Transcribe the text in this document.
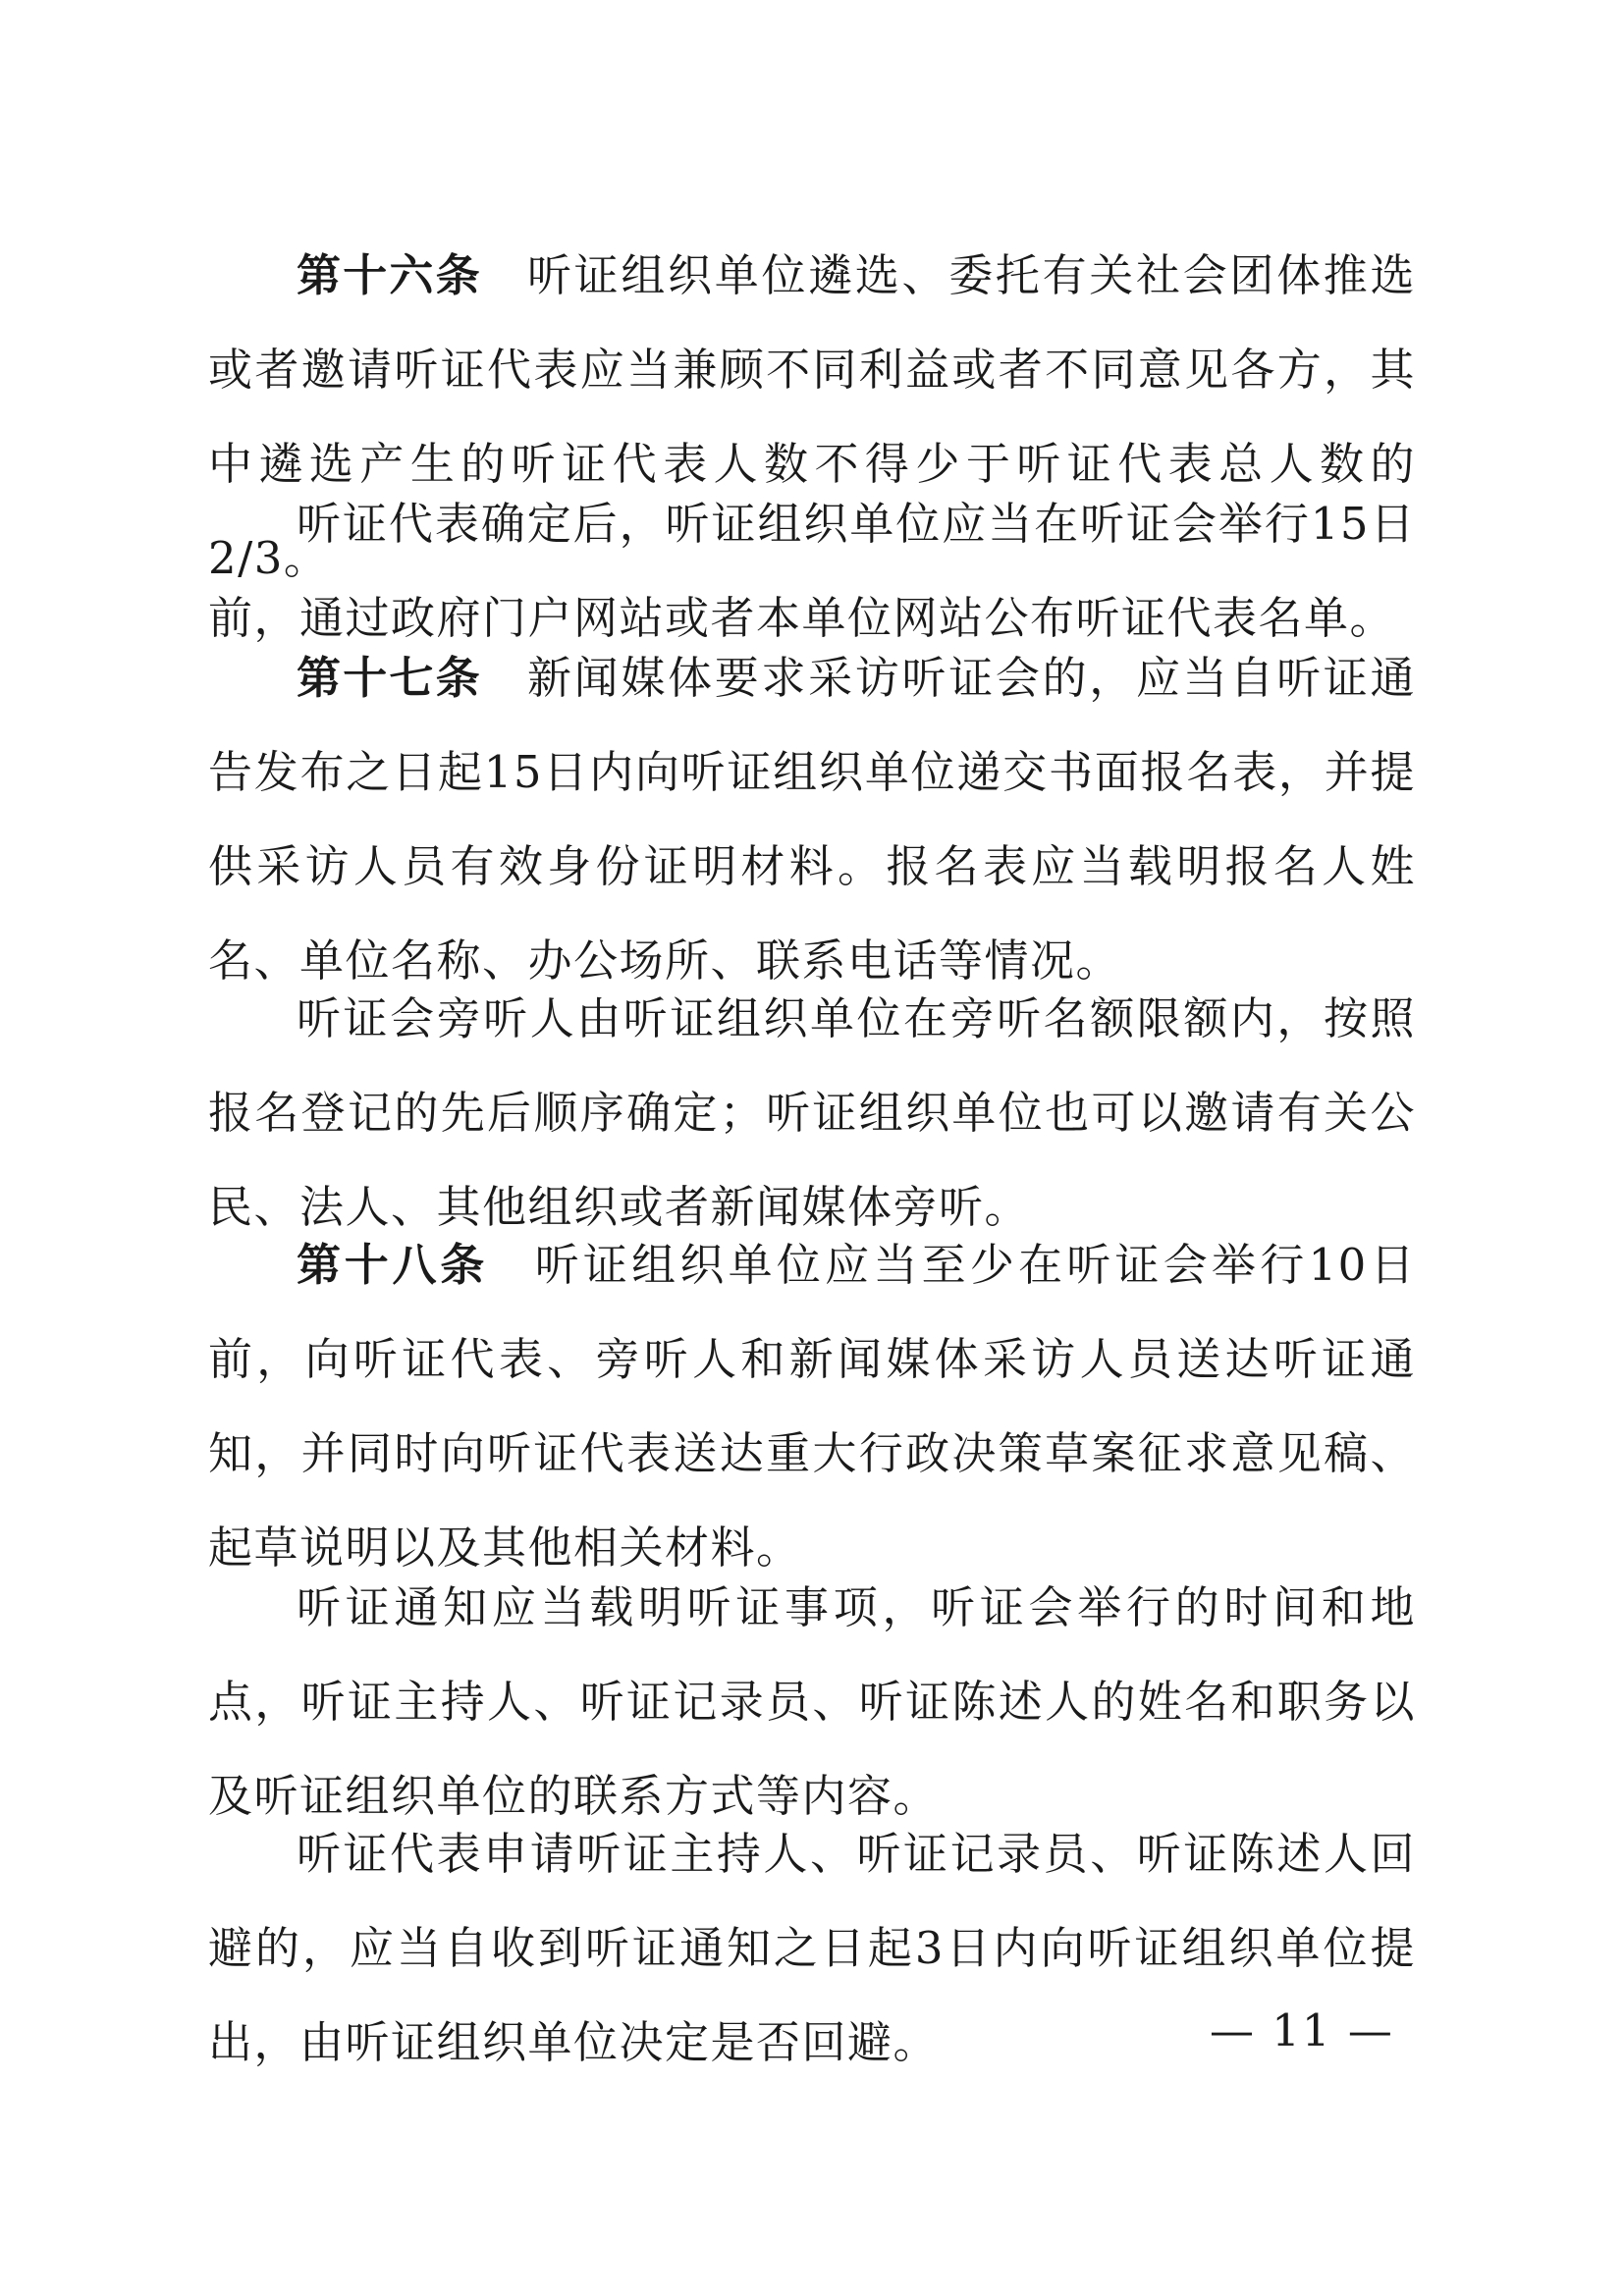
第十六条 听证组织单位遴选、委托有关社会团体推选或者邀请听证代表应当兼顾不同利益或者不同意见各方，其中遴选产生的听证代表人数不得少于听证代表总人数的2/3。

听证代表确定后，听证组织单位应当在听证会举行15日前，通过政府门户网站或者本单位网站公布听证代表名单。

第十七条 新闻媒体要求采访听证会的，应当自听证通告发布之日起15日内向听证组织单位递交书面报名表，并提供采访人员有效身份证明材料。报名表应当载明报名人姓名、单位名称、办公场所、联系电话等情况。

听证会旁听人由听证组织单位在旁听名额限额内，按照报名登记的先后顺序确定；听证组织单位也可以邀请有关公民、法人、其他组织或者新闻媒体旁听。

第十八条 听证组织单位应当至少在听证会举行10日前，向听证代表、旁听人和新闻媒体采访人员送达听证通知，并同时向听证代表送达重大行政决策草案征求意见稿、起草说明以及其他相关材料。

听证通知应当载明听证事项，听证会举行的时间和地点，听证主持人、听证记录员、听证陈述人的姓名和职务以及听证组织单位的联系方式等内容。

听证代表申请听证主持人、听证记录员、听证陈述人回避的，应当自收到听证通知之日起3日内向听证组织单位提出，由听证组织单位决定是否回避。	— 11 —
